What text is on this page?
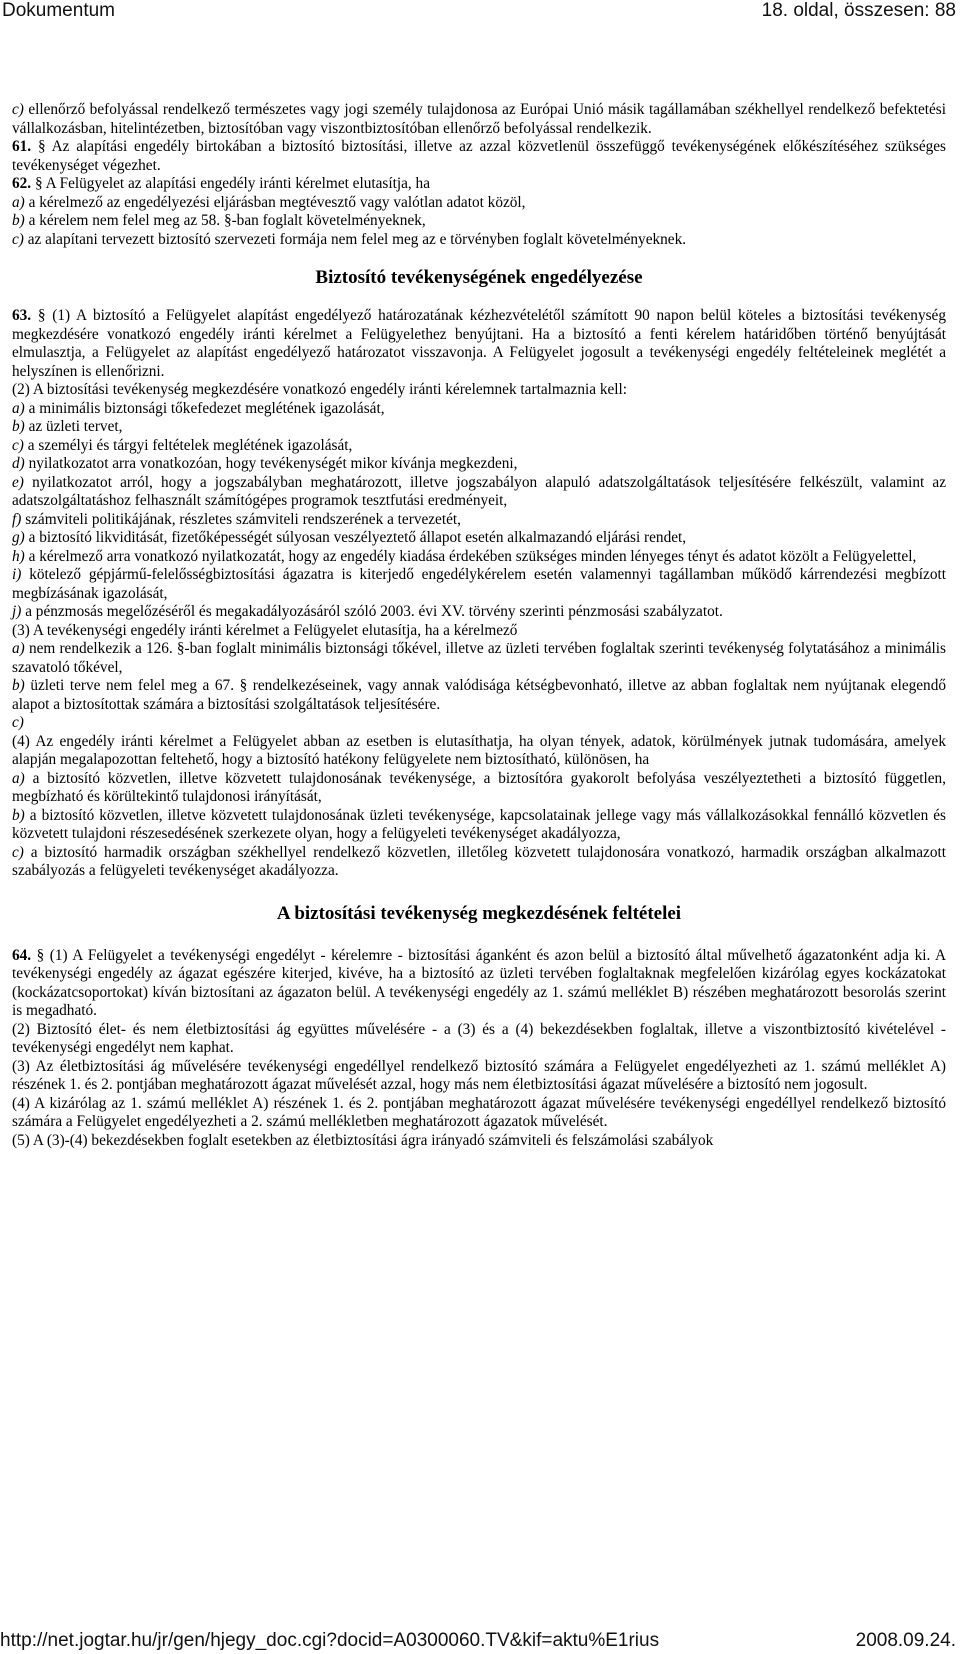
Dokumentum	18. oldal, összesen: 88

c) ellenőrző befolyással rendelkező természetes vagy jogi személy tulajdonosa az Európai Unió másik tagállamában székhellyel rendelkező befektetési vállalkozásban, hitelintézetben, biztosítóban vagy viszontbiztosítóban ellenőrző befolyással rendelkezik.

61. § Az alapítási engedély birtokában a biztosító biztosítási, illetve az azzal közvetlenül összefüggő tevékenységének előkészítéséhez szükséges tevékenységet végezhet.

62. § A Felügyelet az alapítási engedély iránti kérelmet elutasítja, ha

a) a kérelmező az engedélyezési eljárásban megtévesztő vagy valótlan adatot közöl,

b) a kérelem nem felel meg az 58. §-ban foglalt követelményeknek,

c) az alapítani tervezett biztosító szervezeti formája nem felel meg az e törvényben foglalt követelményeknek.

Biztosító tevékenységének engedélyezése

63. § (1) A biztosító a Felügyelet alapítást engedélyező határozatának kézhezvételétől számított 90 napon belül köteles a biztosítási tevékenység megkezdésére vonatkozó engedély iránti kérelmet a Felügyelethez benyújtani. Ha a biztosító a fenti kérelem határidőben történő benyújtását elmulasztja, a Felügyelet az alapítást engedélyező határozatot visszavonja. A Felügyelet jogosult a tevékenységi engedély feltételeinek meglétét a helyszínen is ellenőrizni.

(2) A biztosítási tevékenység megkezdésére vonatkozó engedély iránti kérelemnek tartalmaznia kell:

a) a minimális biztonsági tőkefedezet meglétének igazolását,

b) az üzleti tervet,

c) a személyi és tárgyi feltételek meglétének igazolását,

d) nyilatkozatot arra vonatkozóan, hogy tevékenységét mikor kívánja megkezdeni,

e) nyilatkozatot arról, hogy a jogszabályban meghatározott, illetve jogszabályon alapuló adatszolgáltatások teljesítésére felkészült, valamint az adatszolgáltatáshoz felhasznált számítógépes programok tesztfutási eredményeit,

f) számviteli politikájának, részletes számviteli rendszerének a tervezetét,

g) a biztosító likviditását, fizetőképességét súlyosan veszélyeztető állapot esetén alkalmazandó eljárási rendet,

h) a kérelmező arra vonatkozó nyilatkozatát, hogy az engedély kiadása érdekében szükséges minden lényeges tényt és adatot közölt a Felügyelettel,

i) kötelező gépjármű-felelősségbiztosítási ágazatra is kiterjedő engedélykérelem esetén valamennyi tagállamban működő kárrendezési megbízott megbízásának igazolását,

j) a pénzmosás megelőzéséről és megakadályozásáról szóló 2003. évi XV. törvény szerinti pénzmosási szabályzatot.

(3) A tevékenységi engedély iránti kérelmet a Felügyelet elutasítja, ha a kérelmező

a) nem rendelkezik a 126. §-ban foglalt minimális biztonsági tőkével, illetve az üzleti tervében foglaltak szerinti tevékenység folytatásához a minimális szavatoló tőkével,

b) üzleti terve nem felel meg a 67. § rendelkezéseinek, vagy annak valódisága kétségbevonható, illetve az abban foglaltak nem nyújtanak elegendő alapot a biztosítottak számára a biztosítási szolgáltatások teljesítésére.

c)

(4) Az engedély iránti kérelmet a Felügyelet abban az esetben is elutasíthatja, ha olyan tények, adatok, körülmények jutnak tudomására, amelyek alapján megalapozottan feltehető, hogy a biztosító hatékony felügyelete nem biztosítható, különösen, ha

a) a biztosító közvetlen, illetve közvetett tulajdonosának tevékenysége, a biztosítóra gyakorolt befolyása veszélyeztetheti a biztosító független, megbízható és körültekintő tulajdonosi irányítását,

b) a biztosító közvetlen, illetve közvetett tulajdonosának üzleti tevékenysége, kapcsolatainak jellege vagy más vállalkozásokkal fennálló közvetlen és közvetett tulajdoni részesedésének szerkezete olyan, hogy a felügyeleti tevékenységet akadályozza,

c) a biztosító harmadik országban székhellyel rendelkező közvetlen, illetőleg közvetett tulajdonosára vonatkozó, harmadik országban alkalmazott szabályozás a felügyeleti tevékenységet akadályozza.

A biztosítási tevékenység megkezdésének feltételei

64. § (1) A Felügyelet a tevékenységi engedélyt - kérelemre - biztosítási áganként és azon belül a biztosító által művelhető ágazatonként adja ki. A tevékenységi engedély az ágazat egészére kiterjed, kivéve, ha a biztosító az üzleti tervében foglaltaknak megfelelően kizárólag egyes kockázatokat (kockázatcsoportokat) kíván biztosítani az ágazaton belül. A tevékenységi engedély az 1. számú melléklet B) részében meghatározott besorolás szerint is megadható.

(2) Biztosító élet- és nem életbiztosítási ág együttes művelésére - a (3) és a (4) bekezdésekben foglaltak, illetve a viszontbiztosító kivételével - tevékenységi engedélyt nem kaphat.

(3) Az életbiztosítási ág művelésére tevékenységi engedéllyel rendelkező biztosító számára a Felügyelet engedélyezheti az 1. számú melléklet A) részének 1. és 2. pontjában meghatározott ágazat művelését azzal, hogy más nem életbiztosítási ágazat művelésére a biztosító nem jogosult.

(4) A kizárólag az 1. számú melléklet A) részének 1. és 2. pontjában meghatározott ágazat művelésére tevékenységi engedéllyel rendelkező biztosító számára a Felügyelet engedélyezheti a 2. számú mellékletben meghatározott ágazatok művelését.

(5) A (3)-(4) bekezdésekben foglalt esetekben az életbiztosítási ágra irányadó számviteli és felszámolási szabályok

http://net.jogtar.hu/jr/gen/hjegy_doc.cgi?docid=A0300060.TV&kif=aktu%E1rius	2008.09.24.
